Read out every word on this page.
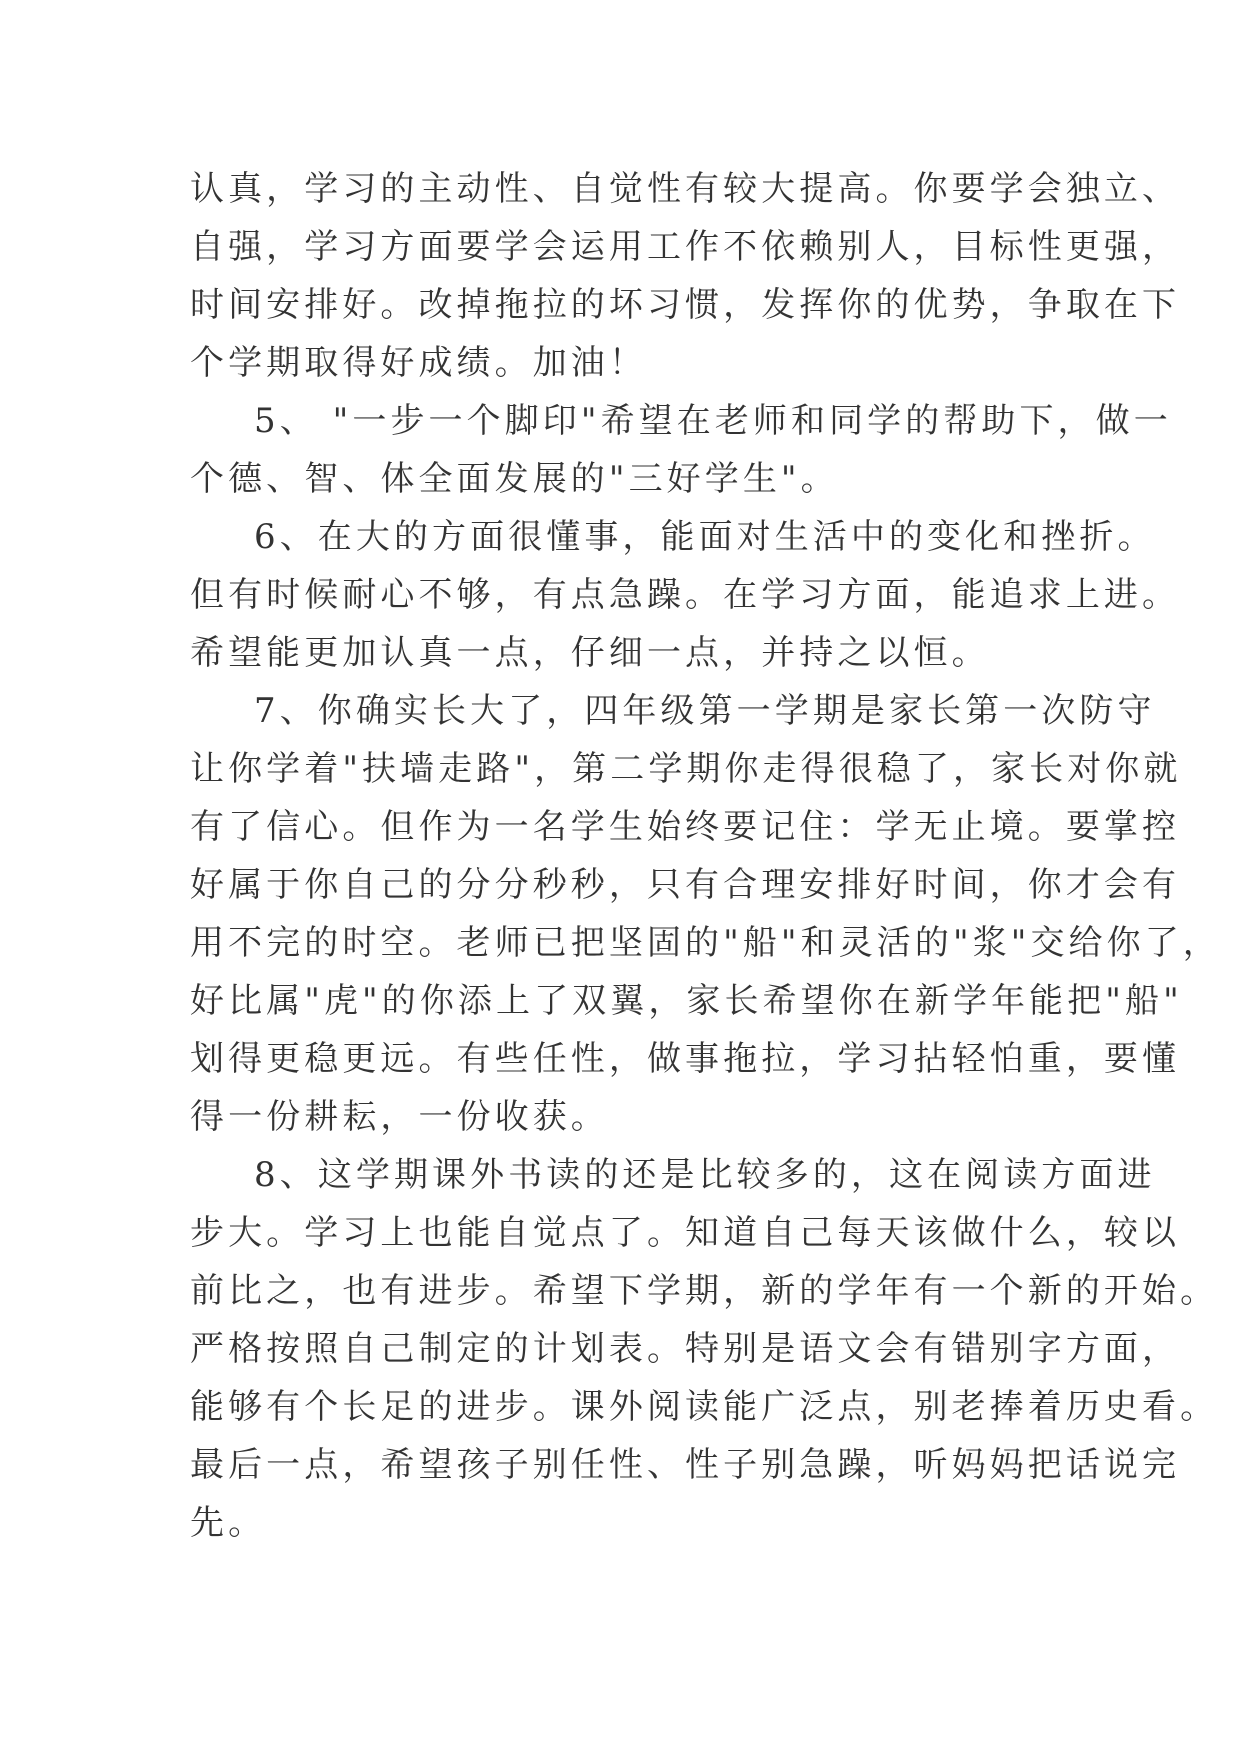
认真，学习的主动性、自觉性有较大提高。你要学会独立、
自强，学习方面要学会运用工作不依赖别人，目标性更强，
时间安排好。改掉拖拉的坏习惯，发挥你的优势，争取在下
个学期取得好成绩。加油！
5、 "一步一个脚印"希望在老师和同学的帮助下，做一
个德、智、体全面发展的"三好学生"。
6、在大的方面很懂事，能面对生活中的变化和挫折。
但有时候耐心不够，有点急躁。在学习方面，能追求上进。
希望能更加认真一点，仔细一点，并持之以恒。
7、你确实长大了，四年级第一学期是家长第一次防守
让你学着"扶墙走路"，第二学期你走得很稳了，家长对你就
有了信心。但作为一名学生始终要记住：学无止境。要掌控
好属于你自己的分分秒秒，只有合理安排好时间，你才会有
用不完的时空。老师已把坚固的"船"和灵活的"浆"交给你了，
好比属"虎"的你添上了双翼，家长希望你在新学年能把"船"
划得更稳更远。有些任性，做事拖拉，学习拈轻怕重，要懂
得一份耕耘，一份收获。
8、这学期课外书读的还是比较多的，这在阅读方面进
步大。学习上也能自觉点了。知道自己每天该做什么，较以
前比之，也有进步。希望下学期，新的学年有一个新的开始。
严格按照自己制定的计划表。特别是语文会有错别字方面，
能够有个长足的进步。课外阅读能广泛点，别老捧着历史看。
最后一点，希望孩子别任性、性子别急躁，听妈妈把话说完
先。
